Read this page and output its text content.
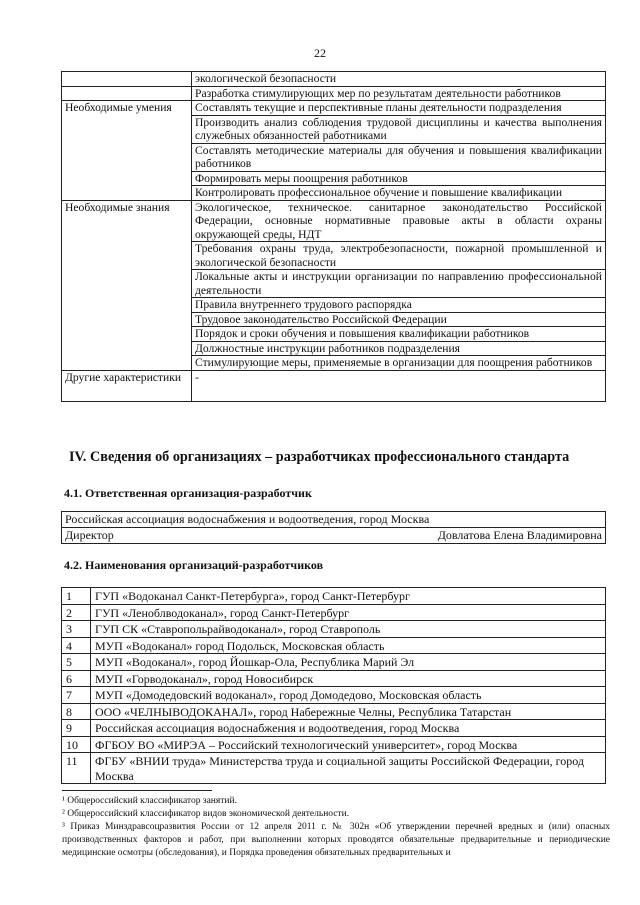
22
	экологической безопасности
	Разработка стимулирующих мер по результатам деятельности работников
Необходимые умения	Составлять текущие и перспективные планы деятельности подразделения
	Производить анализ соблюдения трудовой дисциплины и качества выполнения служебных обязанностей работниками
	Составлять методические материалы для обучения и повышения квалификации работников
	Формировать меры поощрения работников
	Контролировать профессиональное обучение и повышение квалификации
Необходимые знания	Экологическое, техническое. санитарное законодательство Российской Федерации, основные нормативные правовые акты в области охраны окружающей среды, НДТ
	Требования охраны труда, электробезопасности, пожарной промышленной и экологической безопасности
	Локальные акты и инструкции организации по направлению профессиональной деятельности
	Правила внутреннего трудового распорядка
	Трудовое законодательство Российской Федерации
	Порядок и сроки обучения и повышения квалификации работников
	Должностные инструкции работников подразделения
	Стимулирующие меры, применяемые в организации для поощрения работников
Другие характеристики	-
IV. Сведения об организациях – разработчиках профессионального стандарта
4.1. Ответственная организация-разработчик
Российская ассоциация водоснабжения и водоотведения, город Москва
Директор	Довлатова Елена Владимировна
4.2. Наименования организаций-разработчиков
1	ГУП «Водоканал Санкт-Петербурга», город Санкт-Петербург
2	ГУП «Леноблводоканал», город Санкт-Петербург
3	ГУП СК «Ставропольрайводоканал», город Ставрополь
4	МУП «Водоканал» город Подольск, Московская область
5	МУП «Водоканал», город Йошкар-Ола, Республика Марий Эл
6	МУП «Горводоканал», город Новосибирск
7	МУП «Домодедовский водоканал», город Домодедово, Московская область
8	ООО «ЧЕЛНЫВОДОКАНАЛ», город Набережные Челны, Республика Татарстан
9	Российская ассоциация водоснабжения и водоотведения, город Москва
10	ФГБОУ ВО «МИРЭА – Российский технологический университет», город Москва
11	ФГБУ «ВНИИ труда» Министерства труда и социальной защиты Российской Федерации, город Москва

¹ Общероссийский классификатор занятий.

² Общероссийский классификатор видов экономической деятельности.

³ Приказ Минздравсоцразвития России от 12 апреля 2011 г. № 302н «Об утверждении перечней вредных и (или) опасных производственных факторов и работ, при выполнении которых проводятся обязательные предварительные и периодические медицинские осмотры (обследования), и Порядка проведения обязательных предварительных и
